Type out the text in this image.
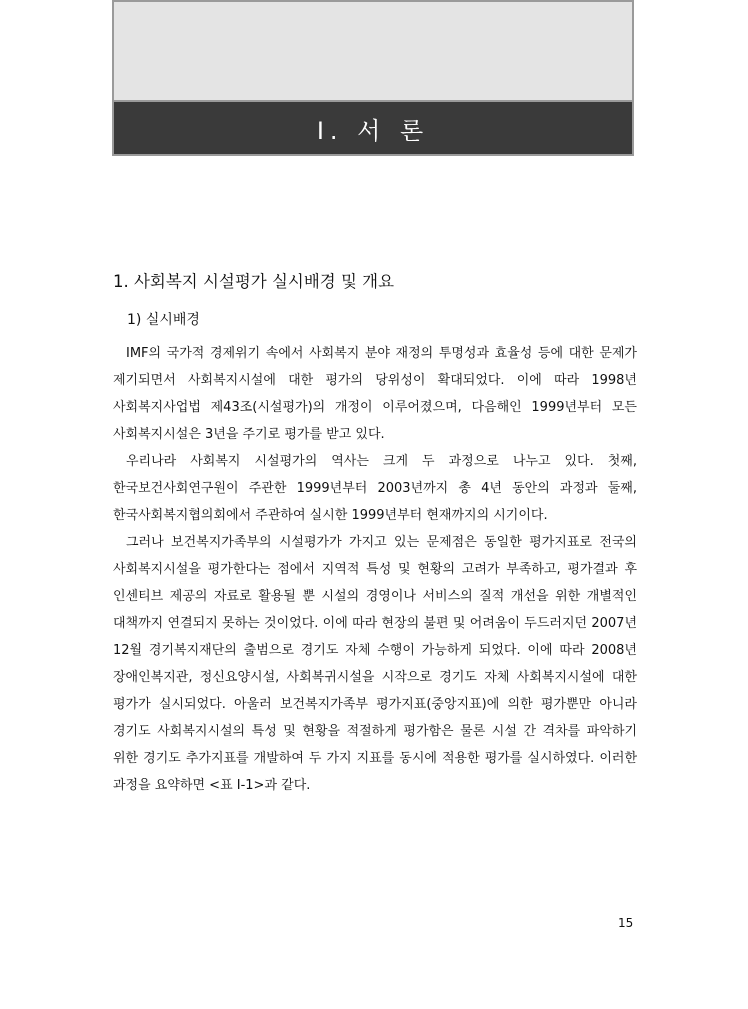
Ⅰ. 서 론
1. 사회복지 시설평가 실시배경 및 개요
1) 실시배경

IMF의 국가적 경제위기 속에서 사회복지 분야 재정의 투명성과 효율성 등에 대한 문제가 제기되면서 사회복지시설에 대한 평가의 당위성이 확대되었다. 이에 따라 1998년 사회복지사업법 제43조(시설평가)의 개정이 이루어졌으며, 다음해인 1999년부터 모든 사회복지시설은 3년을 주기로 평가를 받고 있다.

우리나라 사회복지 시설평가의 역사는 크게 두 과정으로 나누고 있다. 첫째, 한국보건사회연구원이 주관한 1999년부터 2003년까지 총 4년 동안의 과정과 둘째, 한국사회복지협의회에서 주관하여 실시한 1999년부터 현재까지의 시기이다.

그러나 보건복지가족부의 시설평가가 가지고 있는 문제점은 동일한 평가지표로 전국의 사회복지시설을 평가한다는 점에서 지역적 특성 및 현황의 고려가 부족하고, 평가결과 후 인센티브 제공의 자료로 활용될 뿐 시설의 경영이나 서비스의 질적 개선을 위한 개별적인 대책까지 연결되지 못하는 것이었다. 이에 따라 현장의 불편 및 어려움이 두드러지던 2007년 12월 경기복지재단의 출범으로 경기도 자체 수행이 가능하게 되었다. 이에 따라 2008년 장애인복지관, 정신요양시설, 사회복귀시설을 시작으로 경기도 자체 사회복지시설에 대한 평가가 실시되었다. 아울러 보건복지가족부 평가지표(중앙지표)에 의한 평가뿐만 아니라 경기도 사회복지시설의 특성 및 현황을 적절하게 평가함은 물론 시설 간 격차를 파악하기 위한 경기도 추가지표를 개발하여 두 가지 지표를 동시에 적용한 평가를 실시하였다. 이러한 과정을 요약하면 <표 Ⅰ-1>과 같다.

15
